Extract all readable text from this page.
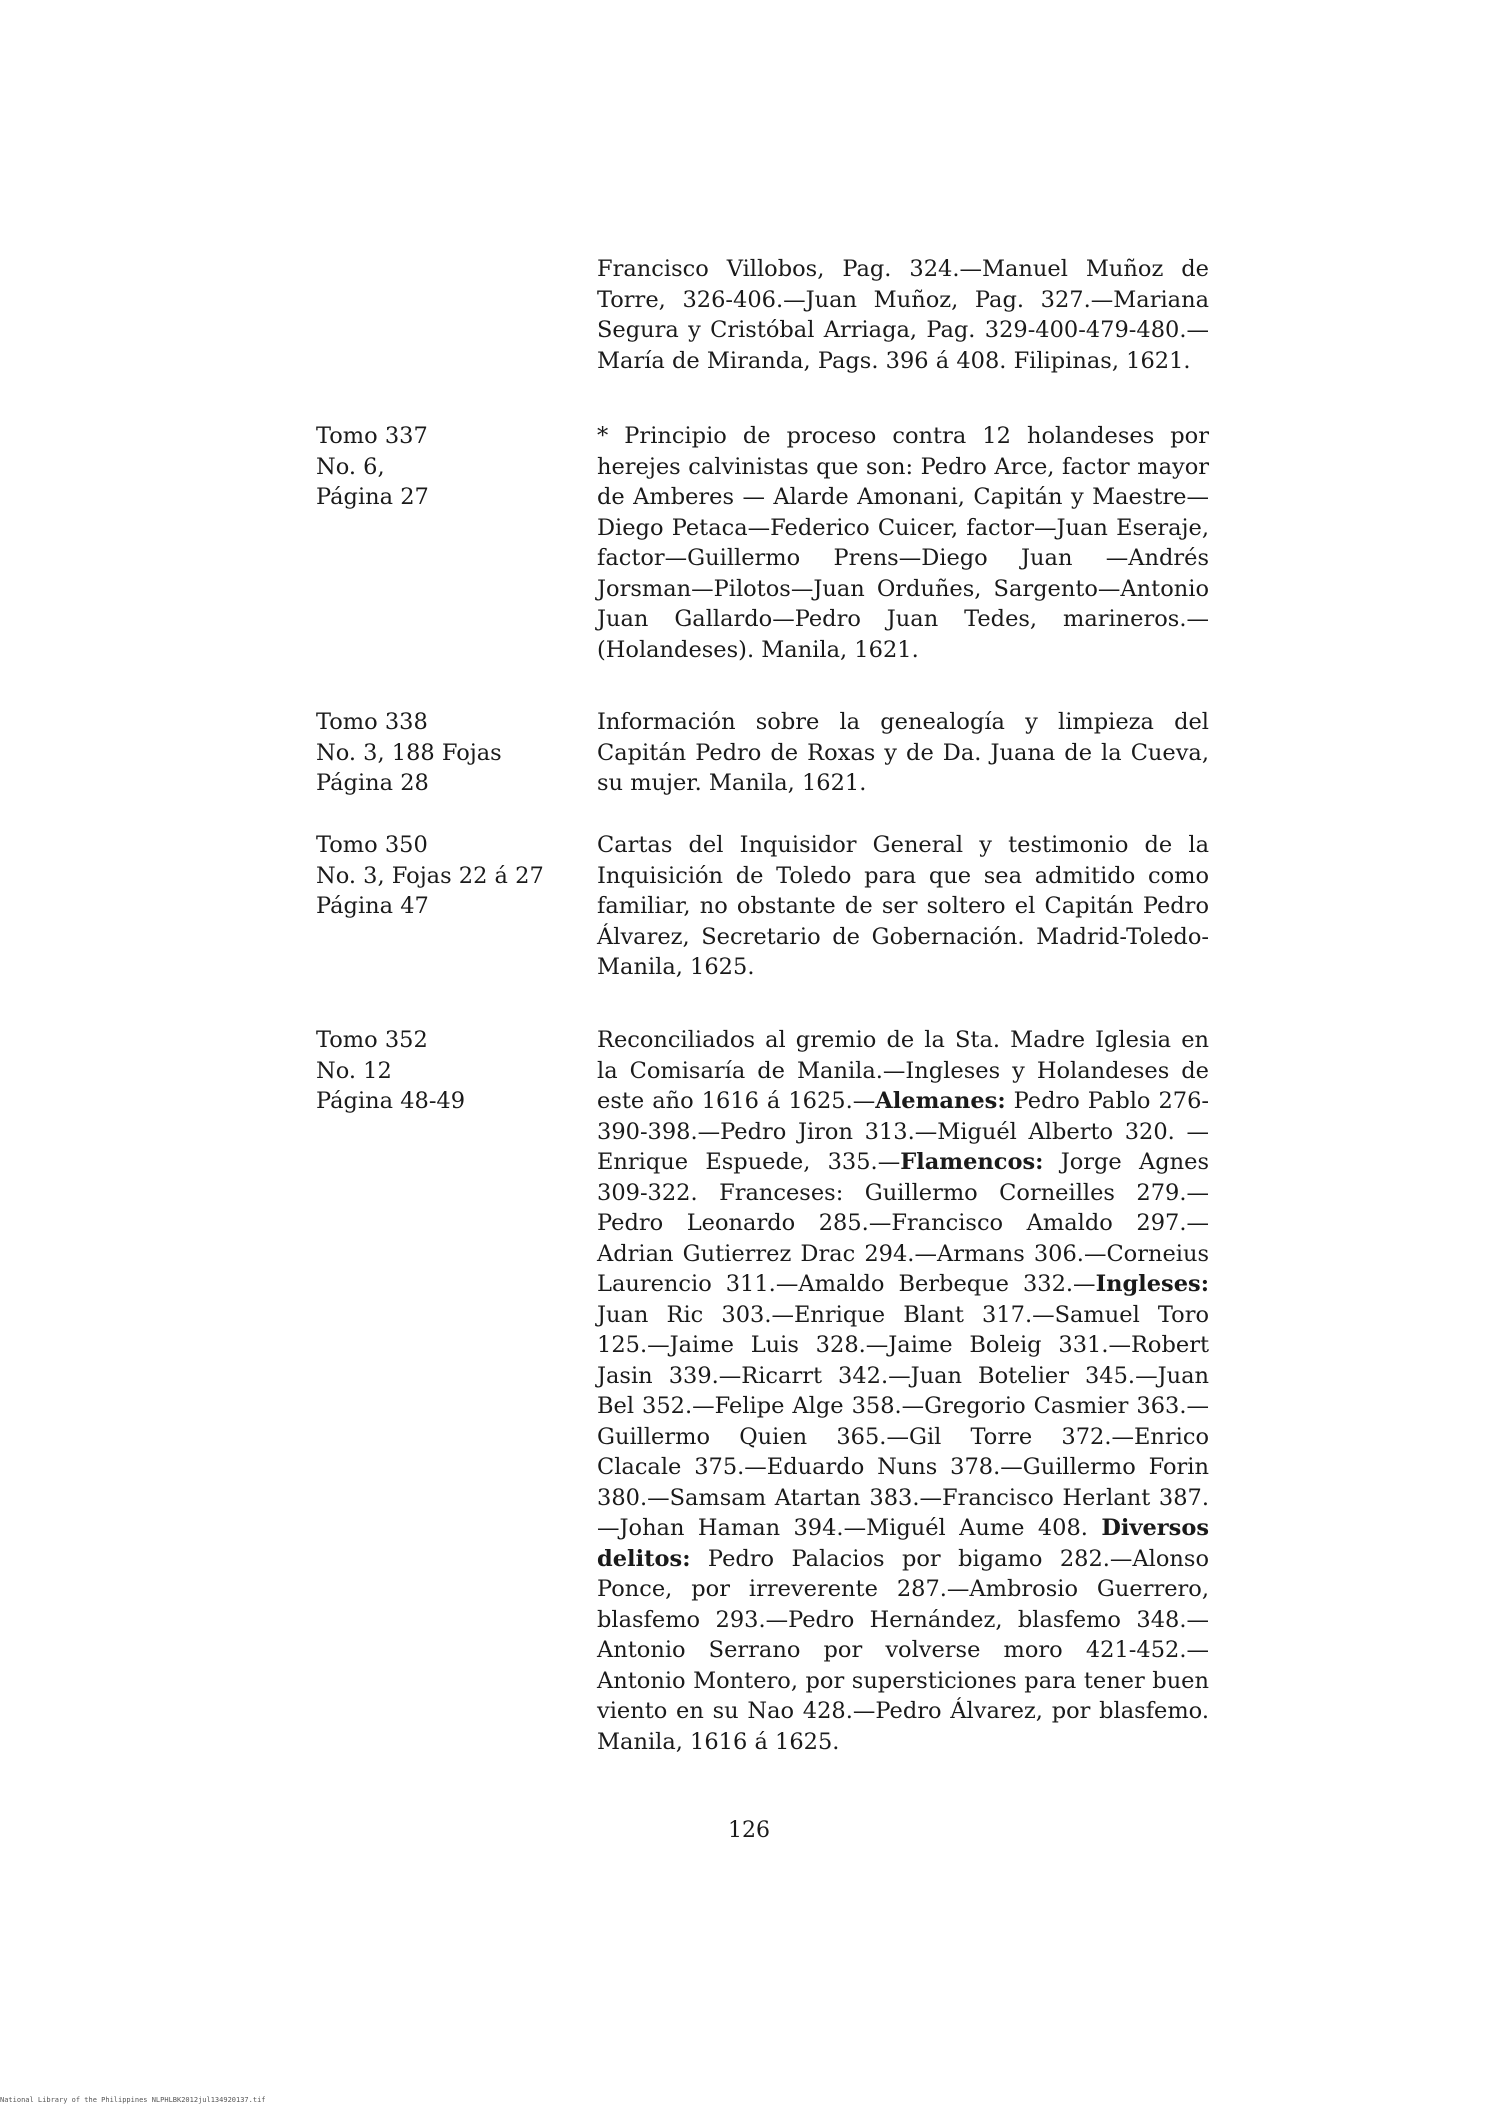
Francisco Villobos, Pag. 324.—Manuel Muñoz de Torre, 326-406.—Juan Muñoz, Pag. 327.—Mariana Segura y Cristóbal Arriaga, Pag. 329-400-479-480.—María de Miranda, Pags. 396 á 408. Filipinas, 1621.
Tomo 337
No. 6,
Página 27
* Principio de proceso contra 12 holandeses por herejes calvinistas que son: Pedro Arce, factor mayor de Amberes — Alarde Amonani, Capitán y Maestre—Diego Petaca—Federico Cuicer, factor—Juan Eseraje, factor—Guillermo Prens—Diego Juan —Andrés Jorsman—Pilotos—Juan Orduñes, Sargento—Antonio Juan Gallardo—Pedro Juan Tedes, marineros.—(Holandeses). Manila, 1621.
Tomo 338
No. 3, 188 Fojas
Página 28
Información sobre la genealogía y limpieza del Capitán Pedro de Roxas y de Da. Juana de la Cueva, su mujer. Manila, 1621.
Tomo 350
No. 3, Fojas 22 á 27
Página 47
Cartas del Inquisidor General y testimonio de la Inquisición de Toledo para que sea admitido como familiar, no obstante de ser soltero el Capitán Pedro Álvarez, Secretario de Gobernación. Madrid-Toledo-Manila, 1625.
Tomo 352
No. 12
Página 48-49
Reconciliados al gremio de la Sta. Madre Iglesia en la Comisaría de Manila.—Ingleses y Holandeses de este año 1616 á 1625.—Alemanes: Pedro Pablo 276-390-398.—Pedro Jiron 313.—Miguél Alberto 320. —Enrique Espuede, 335.—Flamencos: Jorge Agnes 309-322. Franceses: Guillermo Corneilles 279.—Pedro Leonardo 285.—Francisco Amaldo 297.—Adrian Gutierrez Drac 294.—Armans 306.—Corneius Laurencio 311.—Amaldo Berbeque 332.—Ingleses: Juan Ric 303.—Enrique Blant 317.—Samuel Toro 125.—Jaime Luis 328.—Jaime Boleig 331.—Robert Jasin 339.—Ricarrt 342.—Juan Botelier 345.—Juan Bel 352.—Felipe Alge 358.—Gregorio Casmier 363.—Guillermo Quien 365.—Gil Torre 372.—Enrico Clacale 375.—Eduardo Nuns 378.—Guillermo Forin 380.—Samsam Atartan 383.—Francisco Herlant 387.—Johan Haman 394.—Miguél Aume 408. Diversos delitos: Pedro Palacios por bigamo 282.—Alonso Ponce, por irreverente 287.—Ambrosio Guerrero, blasfemo 293.—Pedro Hernández, blasfemo 348.—Antonio Serrano por volverse moro 421-452.—Antonio Montero, por supersticiones para tener buen viento en su Nao 428.—Pedro Álvarez, por blasfemo. Manila, 1616 á 1625.
126
National Library of the Philippines NLPHLBK2012jul134920137.tif
